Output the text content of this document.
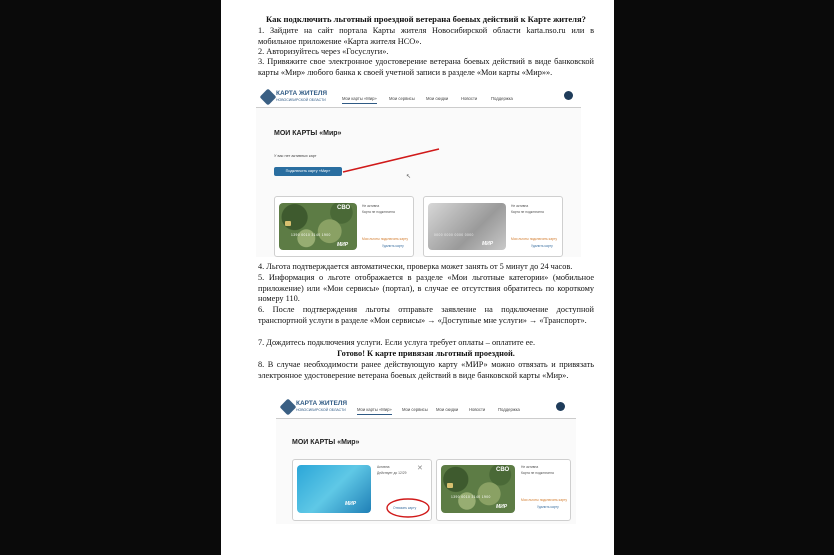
Как подключить льготный проездной ветерана боевых действий к Карте жителя?
1. Зайдите на сайт портала Карты жителя Новосибирской области karta.nso.ru или в мобильное приложение «Карта жителя НСО».
2. Авторизуйтесь через «Госуслуги».
3. Привяжите свое электронное удостоверение ветерана боевых действий в виде банковской карты «Мир» любого банка к своей учетной записи в разделе «Мои карты «Мир»».
КАРТА ЖИТЕЛЯ
НОВОСИБИРСКОЙ ОБЛАСТИ	Мои карты «Мир»	Мои сервисы	Мои скидки	Новости	Поддержка
МОИ КАРТЫ «Мир»
У вас нет активных карт
Подключить карту «Мир»
↖
СВО
1390 0010 3140 1900
МИР
Не активна
Карта не подключена
Мои льготы подключить карту
Удалить карту
0000 0000 0000 0000
МИР
Не активна
Карта не подключена
Мои льготы подключить карту
Удалить карту
4. Льгота подтверждается автоматически, проверка может занять от 5 минут до 24 часов.
5. Информация о льготе отображается в разделе «Мои льготные категории» (мобильное приложение) или «Мои сервисы» (портал), в случае ее отсутствия обратитесь по короткому номеру 110.
6. После подтверждения льготы отправьте заявление на подключение доступной транспортной услуги в разделе «Мои сервисы» → «Доступные мне услуги» → «Транспорт».
7. Дождитесь подключения услуги. Если услуга требует оплаты – оплатите ее.
Готово! К карте привязан льготный проездной.
8. В случае необходимости ранее действующую карту «МИР» можно отвязать и привязать электронное удостоверение ветерана боевых действий в виде банковской карты «Мир».
КАРТА ЖИТЕЛЯ
НОВОСИБИРСКОЙ ОБЛАСТИ	Мои карты «Мир» Мои сервисы Мои скидки	Новости	Поддержка
МОИ КАРТЫ «Мир»
МИР
Активна
Действует до 12/29
✕
Отвязать карту
СВО
1390 0010 3140 1900
МИР
Не активна
Карта не подключена
Мои льготы подключить карту
Удалить карту
